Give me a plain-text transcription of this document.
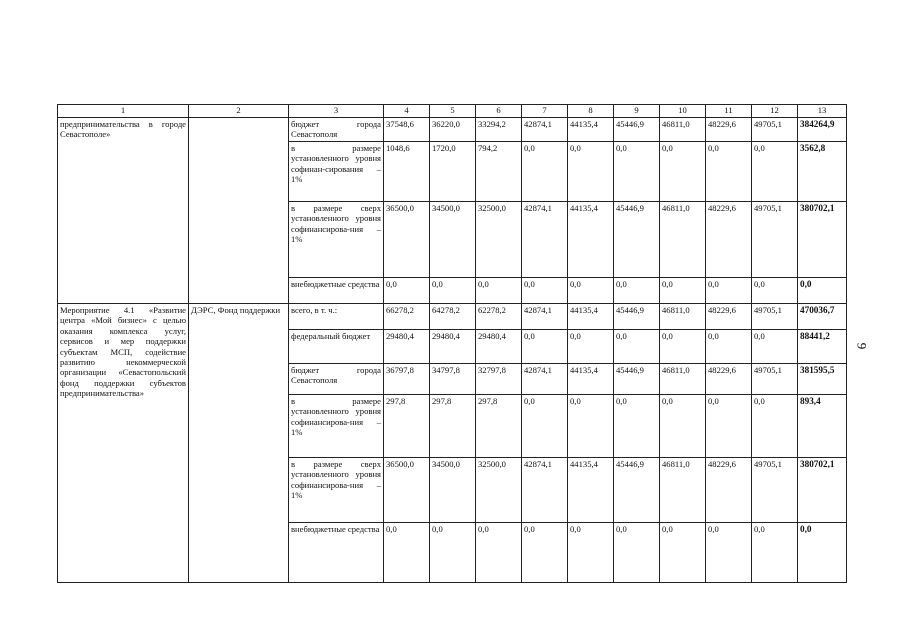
1	2	3	4	5	6	7	8	9	10	11	12	13
предпринимательства в городе Севастополе»		бюджет города Севастополя	37548,6	36220,0	33294,2	42874,1	44135,4	45446,9	46811,0	48229,6	49705,1	384264,9
		в размере установленного уровня софинан-сирования – 1%	1048,6	1720,0	794,2	0,0	0,0	0,0	0,0	0,0	0,0	3562,8
		в размере сверх установленного уровня софинансирова-ния – 1%	36500,0	34500,0	32500,0	42874,1	44135,4	45446,9	46811,0	48229,6	49705,1	380702,1
		внебюджетные средства	0,0	0,0	0,0	0,0	0,0	0,0	0,0	0,0	0,0	0,0
Мероприятие 4.1 «Развитие центра «Мой бизнес» с целью оказания комплекса услуг, сервисов и мер поддержки субъектам МСП, содействие развитию некоммерческой организации «Севастопольский фонд поддержки субъектов предпринимательства»	ДЭРС, Фонд поддержки	всего, в т. ч.:	66278,2	64278,2	62278,2	42874,1	44135,4	45446,9	46811,0	48229,6	49705,1	470036,7
		федеральный бюджет	29480,4	29480,4	29480,4	0,0	0,0	0,0	0,0	0,0	0,0	88441,2
		бюджет города Севастополя	36797,8	34797,8	32797,8	42874,1	44135,4	45446,9	46811,0	48229,6	49705,1	381595,5
		в размере установленного уровня софинансирова-ния – 1%	297,8	297,8	297,8	0,0	0,0	0,0	0,0	0,0	0,0	893,4
		в размере сверх установленного уровня софинансирова-ния – 1%	36500,0	34500,0	32500,0	42874,1	44135,4	45446,9	46811,0	48229,6	49705,1	380702,1
		внебюджетные средства	0,0	0,0	0,0	0,0	0,0	0,0	0,0	0,0	0,0	0,0
9
